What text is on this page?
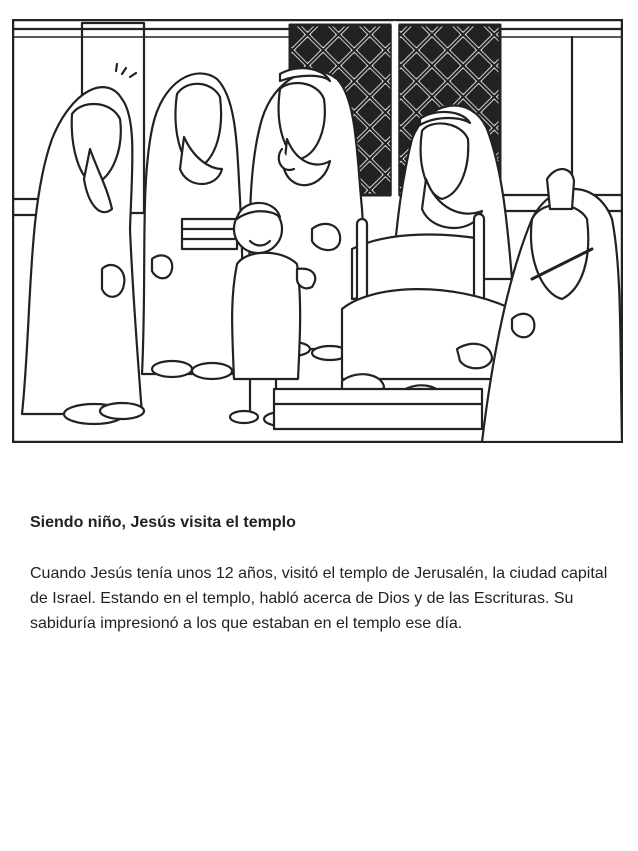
Siendo niño, Jesús visita el templo

Cuando Jesús tenía unos 12 años, visitó el templo de Jerusalén, la ciudad capital de Israel. Estando en el templo, habló acerca de Dios y de las Escrituras. Su sabiduría impresionó a los que estaban en el templo ese día.
